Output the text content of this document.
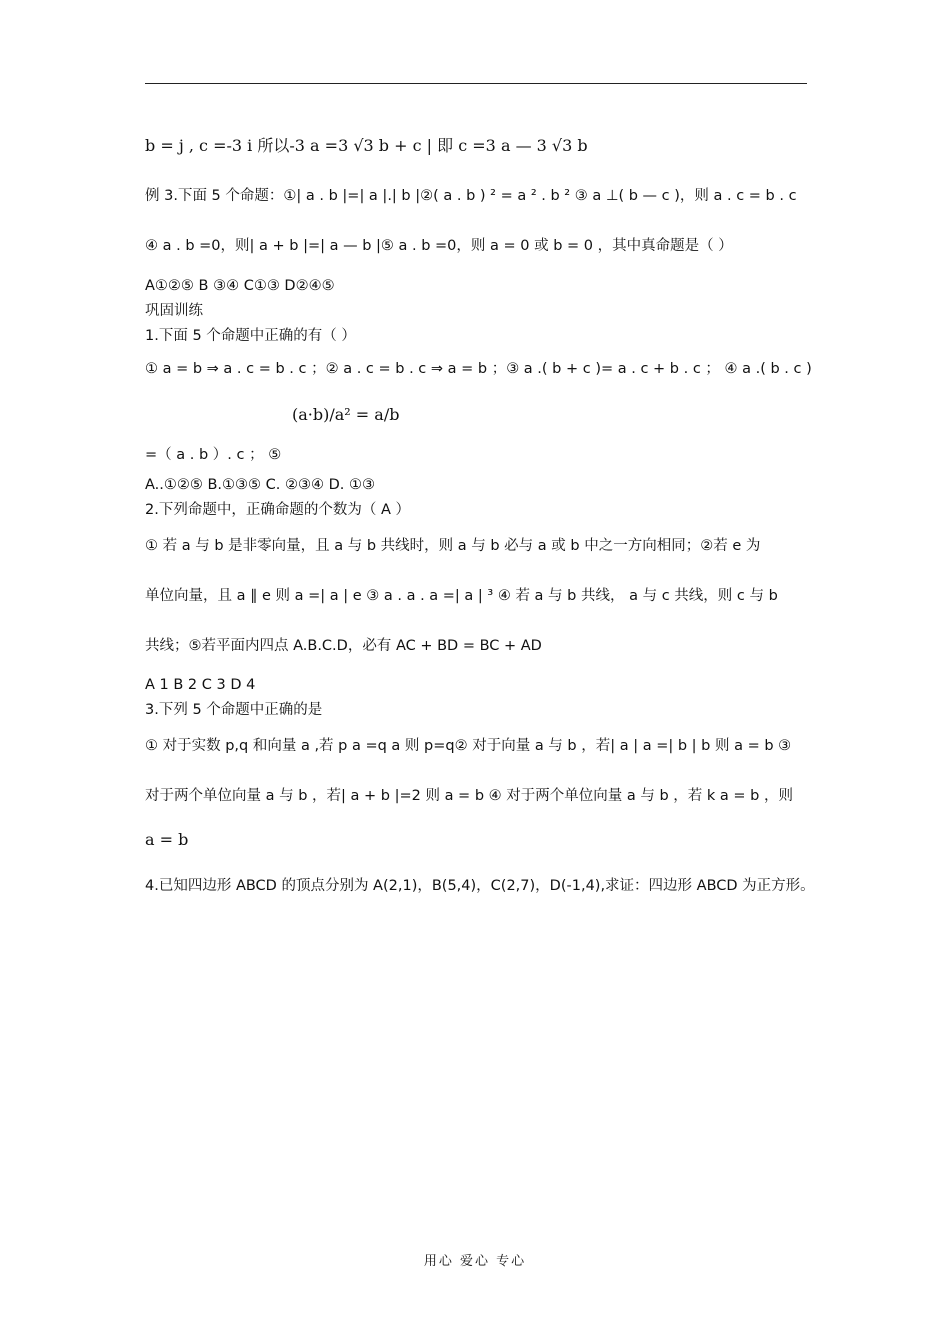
b = j , c =-3 i 所以-3 a =3 √3 b + c | 即 c =3 a — 3 √3 b
例 3.下面 5 个命题：①| a . b |=| a |.| b |②( a . b ) ² = a ² . b ² ③ a ⊥( b — c )，则 a . c = b . c
④ a . b =0，则| a + b |=| a — b |⑤ a . b =0，则 a = 0 或 b = 0 ，其中真命题是（ ）
A①②⑤ B ③④ C①③ D②④⑤
巩固训练
1.下面 5 个命题中正确的有（ ）
① a = b ⇒ a . c = b . c ；② a . c = b . c ⇒ a = b ；③ a .( b + c )= a . c + b . c ； ④ a .( b . c )
(a·b)/a² = a/b
=（ a . b ）. c ； ⑤
A..①②⑤ B.①③⑤ C. ②③④ D. ①③
2.下列命题中，正确命题的个数为（ A ）
① 若 a 与 b 是非零向量，且 a 与 b 共线时，则 a 与 b 必与 a 或 b 中之一方向相同；②若 e 为
单位向量，且 a ∥ e 则 a =| a | e ③ a . a . a =| a | ³ ④ 若 a 与 b 共线， a 与 c 共线，则 c 与 b
共线；⑤若平面内四点 A.B.C.D，必有 AC + BD = BC + AD
A 1 B 2 C 3 D 4
3.下列 5 个命题中正确的是
① 对于实数 p,q 和向量 a ,若 p a =q a 则 p=q② 对于向量 a 与 b ，若| a | a =| b | b 则 a = b ③
对于两个单位向量 a 与 b ，若| a + b |=2 则 a = b ④ 对于两个单位向量 a 与 b ，若 k a = b ，则
a = b
4.已知四边形 ABCD 的顶点分别为 A(2,1)，B(5,4)，C(2,7)，D(-1,4),求证：四边形 ABCD 为正方形。
用心 爱心 专心
